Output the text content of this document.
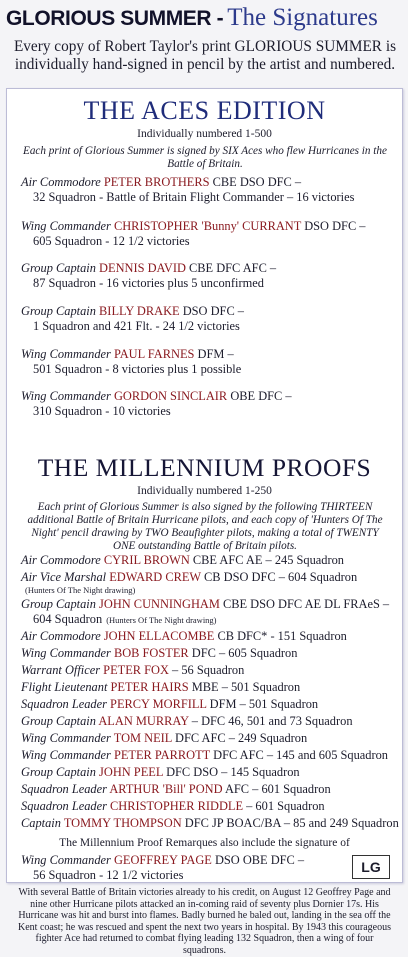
GLORIOUS SUMMER - The Signatures
Every copy of Robert Taylor's print GLORIOUS SUMMER is individually hand-signed in pencil by the artist and numbered.
THE ACES EDITION
Individually numbered 1-500
Each print of Glorious Summer is signed by SIX Aces who flew Hurricanes in the Battle of Britain.
Air Commodore PETER BROTHERS CBE DSO DFC –
32 Squadron - Battle of Britain Flight Commander – 16 victories
Wing Commander CHRISTOPHER 'Bunny' CURRANT DSO DFC –
605 Squadron - 12 1/2 victories
Group Captain DENNIS DAVID CBE DFC AFC –
87 Squadron - 16 victories plus 5 unconfirmed
Group Captain BILLY DRAKE DSO DFC –
1 Squadron and 421 Flt. - 24 1/2 victories
Wing Commander PAUL FARNES DFM –
501 Squadron - 8 victories plus 1 possible
Wing Commander GORDON SINCLAIR OBE DFC –
310 Squadron - 10 victories
THE MILLENNIUM PROOFS
Individually numbered 1-250
Each print of Glorious Summer is also signed by the following THIRTEEN additional Battle of Britain Hurricane pilots, and each copy of 'Hunters Of The Night' pencil drawing by TWO Beaufighter pilots, making a total of TWENTY ONE outstanding Battle of Britain pilots.
Air Commodore CYRIL BROWN CBE AFC AE – 245 Squadron
Air Vice Marshal EDWARD CREW CB DSO DFC – 604 Squadron
(Hunters Of The Night drawing)
Group Captain JOHN CUNNINGHAM CBE DSO DFC AE DL FRAeS –
604 Squadron (Hunters Of The Night drawing)
Air Commodore JOHN ELLACOMBE CB DFC* - 151 Squadron
Wing Commander BOB FOSTER DFC – 605 Squadron
Warrant Officer PETER FOX – 56 Squadron
Flight Lieutenant PETER HAIRS MBE – 501 Squadron
Squadron Leader PERCY MORFILL DFM – 501 Squadron
Group Captain ALAN MURRAY – DFC 46, 501 and 73 Squadron
Wing Commander TOM NEIL DFC AFC – 249 Squadron
Wing Commander PETER PARROTT DFC AFC – 145 and 605 Squadron
Group Captain JOHN PEEL DFC DSO – 145 Squadron
Squadron Leader ARTHUR 'Bill' POND AFC – 601 Squadron
Squadron Leader CHRISTOPHER RIDDLE – 601 Squadron
Captain TOMMY THOMPSON DFC JP BOAC/BA – 85 and 249 Squadron
The Millennium Proof Remarques also include the signature of
Wing Commander GEOFFREY PAGE DSO OBE DFC –
56 Squadron - 12 1/2 victories	LG
With several Battle of Britain victories already to his credit, on August 12 Geoffrey Page and nine other Hurricane pilots attacked an in-coming raid of seventy plus Dornier 17s. His Hurricane was hit and burst into flames. Badly burned he baled out, landing in the sea off the Kent coast; he was rescued and spent the next two years in hospital. By 1943 this courageous fighter Ace had returned to combat flying leading 132 Squadron, then a wing of four squadrons.
